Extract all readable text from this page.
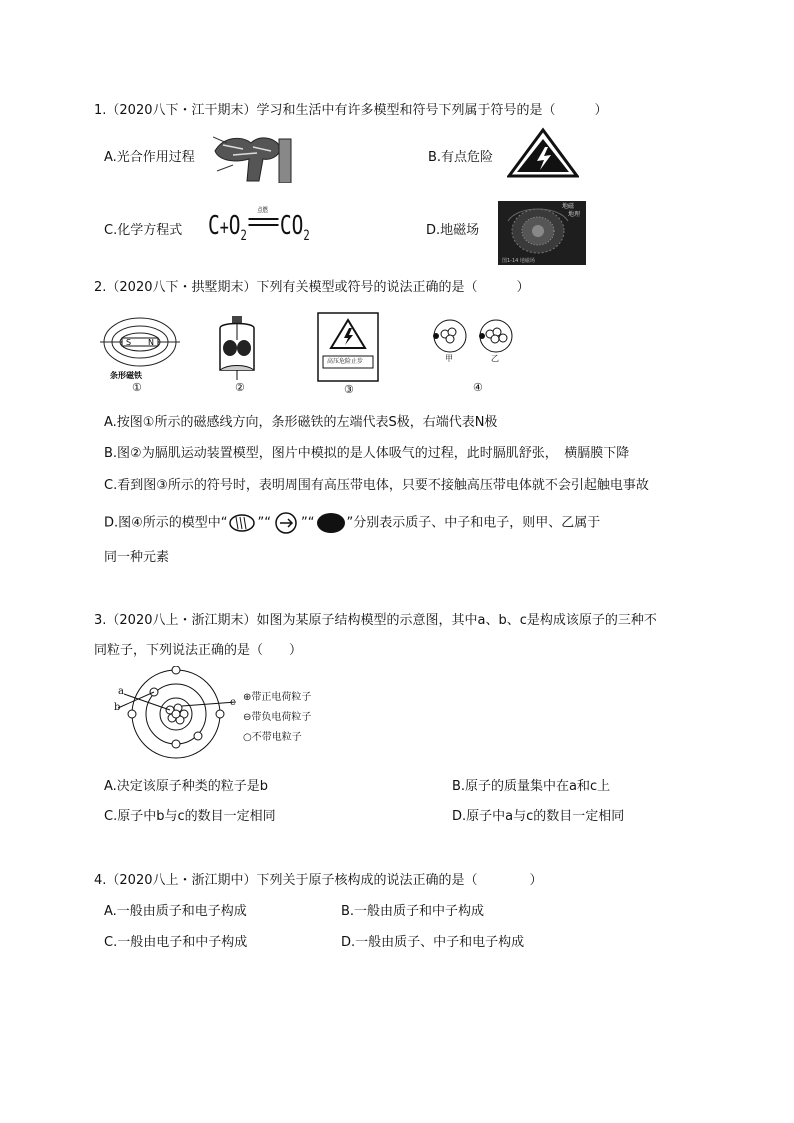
1.（2020八下・江干期末）学习和生活中有许多模型和符号下列属于符号的是（　　　）
A.光合作用过程	B.有点危险
C.化学方程式 $C+O_2$
点燃
$CO_2$	D.地磁场
地磁
地理
图1-14 地磁场
2.（2020八下・拱墅期末）下列有关模型或符号的说法正确的是（　　　）
S N
条形磁铁
①	②
高压危险止步
③
甲	乙
④
A.按图①所示的磁感线方向，条形磁铁的左端代表S极，右端代表N极
B.图②为膈肌运动装置模型，图片中模拟的是人体吸气的过程，此时膈肌舒张，　横膈膜下降
C.看到图③所示的符号时，表明周围有高压带电体，只要不接触高压带电体就不会引起触电事故
D.图④所示的模型中“ ”“ ”“ ”分别表示质子、中子和电子，则甲、乙属于
同一种元素
3.（2020八上・浙江期末）如图为某原子结构模型的示意图，其中a、b、c是构成该原子的三种不
同粒子，下列说法正确的是（　　）
a
b	c ⊕带正电荷粒子
⊖带负电荷粒子
○不带电粒子
A.决定该原子种类的粒子是b	B.原子的质量集中在a和c上
C.原子中b与c的数目一定相同	D.原子中a与c的数目一定相同
4.（2020八上・浙江期中）下列关于原子核构成的说法正确的是（　　　　）
A.一般由质子和电子构成	B.一般由质子和中子构成
C.一般由电子和中子构成	D.一般由质子、中子和电子构成
